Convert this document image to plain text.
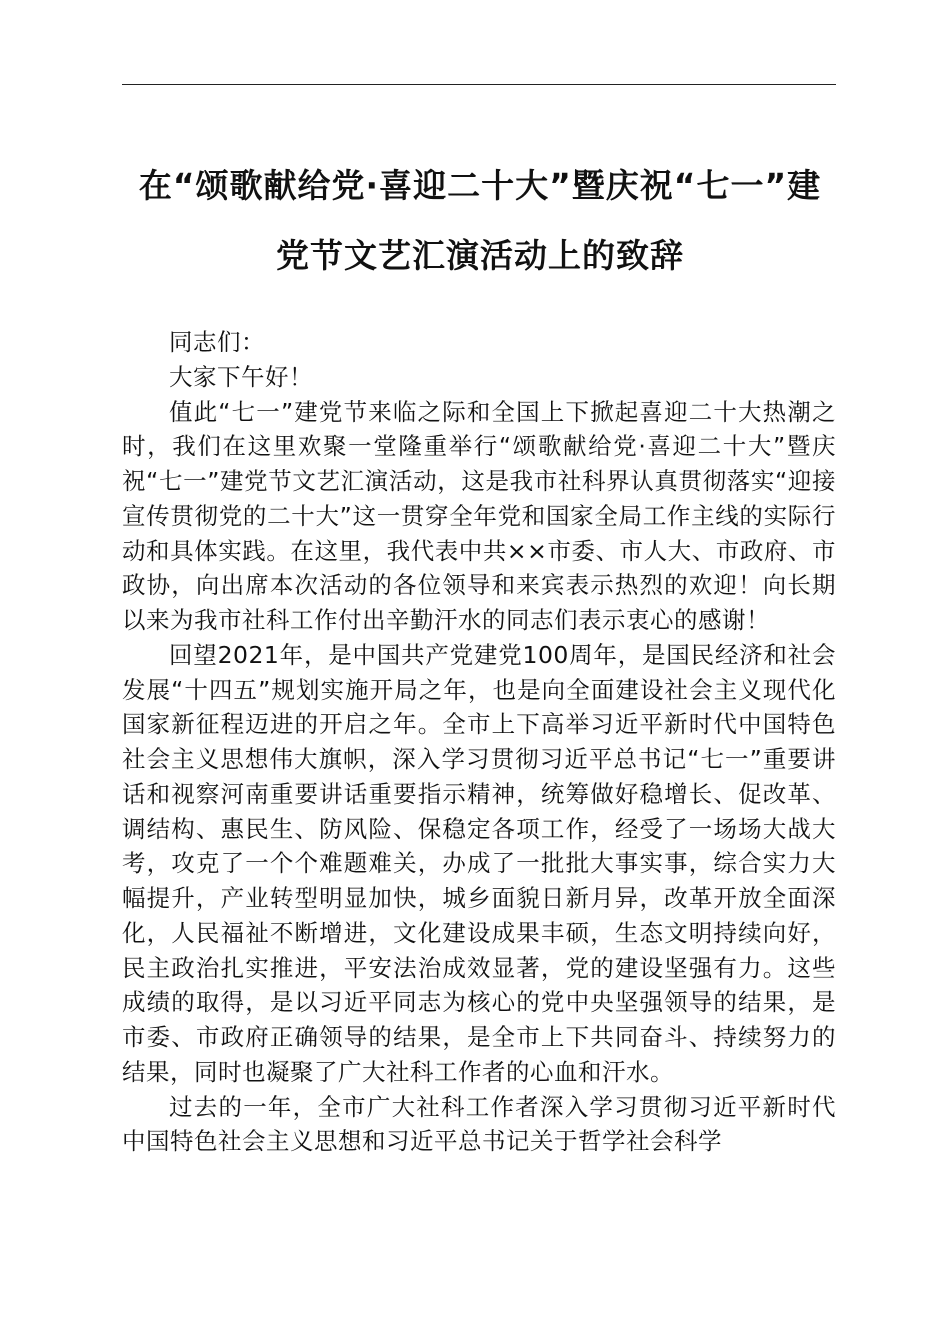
在“颂歌献给党·喜迎二十大”暨庆祝“七一”建
党节文艺汇演活动上的致辞

同志们：

大家下午好！

值此“七一”建党节来临之际和全国上下掀起喜迎二十大热潮之时，我们在这里欢聚一堂隆重举行“颂歌献给党·喜迎二十大”暨庆祝“七一”建党节文艺汇演活动，这是我市社科界认真贯彻落实“迎接宣传贯彻党的二十大”这一贯穿全年党和国家全局工作主线的实际行动和具体实践。在这里，我代表中共××市委、市人大、市政府、市政协，向出席本次活动的各位领导和来宾表示热烈的欢迎！向长期以来为我市社科工作付出辛勤汗水的同志们表示衷心的感谢！

回望2021年，是中国共产党建党100周年，是国民经济和社会发展“十四五”规划实施开局之年，也是向全面建设社会主义现代化国家新征程迈进的开启之年。全市上下高举习近平新时代中国特色社会主义思想伟大旗帜，深入学习贯彻习近平总书记“七一”重要讲话和视察河南重要讲话重要指示精神，统筹做好稳增长、促改革、调结构、惠民生、防风险、保稳定各项工作，经受了一场场大战大考，攻克了一个个难题难关，办成了一批批大事实事，综合实力大幅提升，产业转型明显加快，城乡面貌日新月异，改革开放全面深化，人民福祉不断增进，文化建设成果丰硕，生态文明持续向好，民主政治扎实推进，平安法治成效显著，党的建设坚强有力。这些成绩的取得，是以习近平同志为核心的党中央坚强领导的结果，是市委、市政府正确领导的结果，是全市上下共同奋斗、持续努力的结果，同时也凝聚了广大社科工作者的心血和汗水。

过去的一年，全市广大社科工作者深入学习贯彻习近平新时代中国特色社会主义思想和习近平总书记关于哲学社会科学
